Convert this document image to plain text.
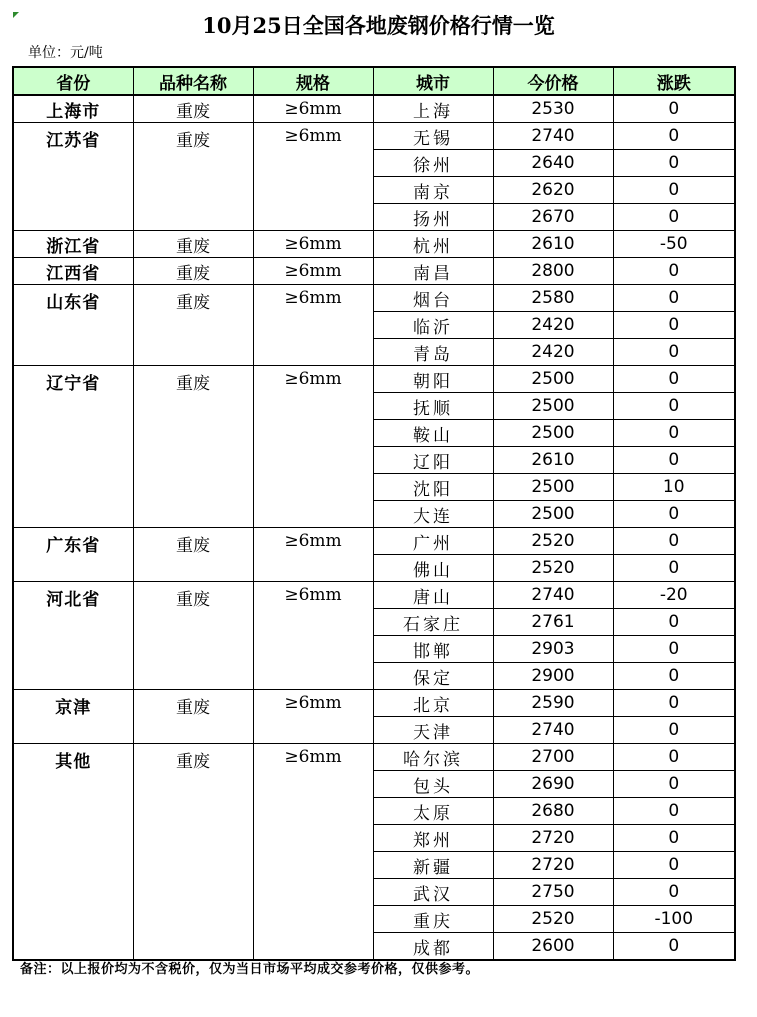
10月25日全国各地废钢价格行情一览
单位：元/吨
省份	品种名称	规格	城市	今价格	涨跌
上海市	重废	≥6mm	上海	2530	0
江苏省	重废	≥6mm	无锡	2740	0
			徐州	2640	0
			南京	2620	0
			扬州	2670	0
浙江省	重废	≥6mm	杭州	2610	-50
江西省	重废	≥6mm	南昌	2800	0
山东省	重废	≥6mm	烟台	2580	0
			临沂	2420	0
			青岛	2420	0
辽宁省	重废	≥6mm	朝阳	2500	0
			抚顺	2500	0
			鞍山	2500	0
			辽阳	2610	0
			沈阳	2500	10
			大连	2500	0
广东省	重废	≥6mm	广州	2520	0
			佛山	2520	0
河北省	重废	≥6mm	唐山	2740	-20
			石家庄	2761	0
			邯郸	2903	0
			保定	2900	0
京津	重废	≥6mm	北京	2590	0
			天津	2740	0
其他	重废	≥6mm	哈尔滨	2700	0
			包头	2690	0
			太原	2680	0
			郑州	2720	0
			新疆	2720	0
			武汉	2750	0
			重庆	2520	-100
			成都	2600	0
备注：以上报价均为不含税价，仅为当日市场平均成交参考价格，仅供参考。
